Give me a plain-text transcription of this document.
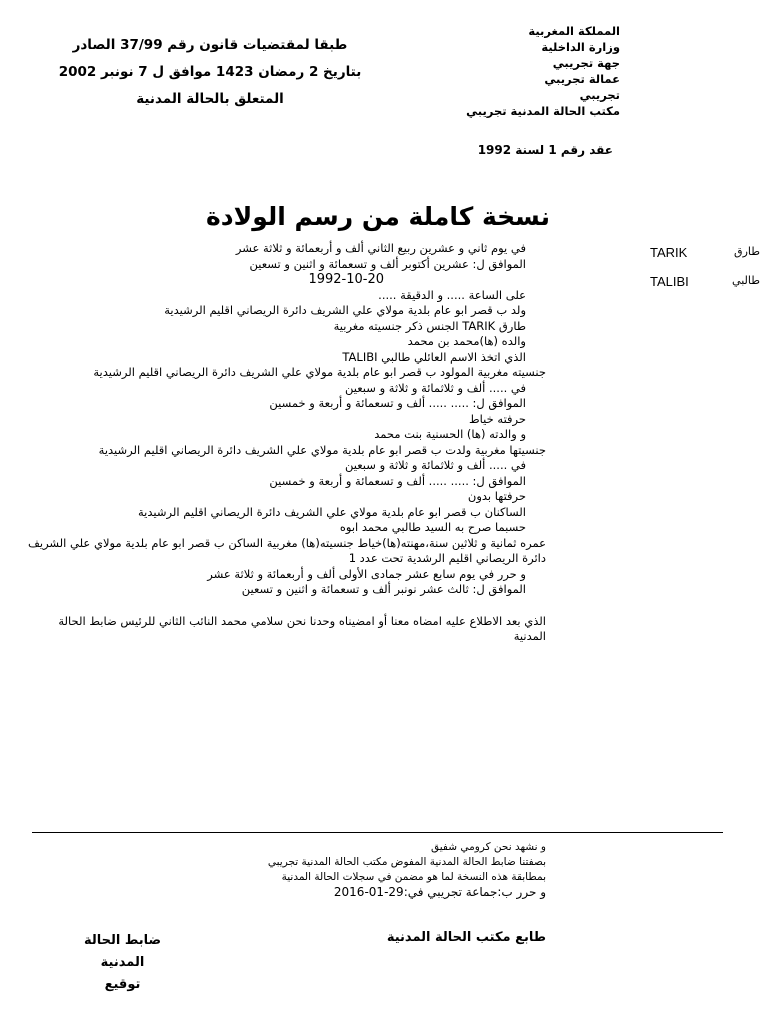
المملكة المغربية
وزارة الداخلية
جهة تجريبي
عمالة تجريبي
تجريبي
مكتب الحالة المدنية تجريبي
طبقا لمقتضيات قانون رقم 37/99 الصادر
بتاريخ 2 رمضان 1423 موافق ل 7 نونبر 2002
المتعلق بالحالة المدنية
عقد رقم 1 لسنة 1992
نسخة كاملة من رسم الولادة
TARIK	طارق
TALIBI	طالبي
في يوم ثاني و عشرين ربيع الثاني ألف و أربعمائة و ثلاثة عشر
الموافق ل: عشرين أكتوبر ألف و تسعمائة و اثنين و تسعين
1992-10-20
على الساعة ..... و الدقيقة .....
ولد ب قصر ابو عام بلدية مولاي علي الشريف دائرة الريصاني اقليم الرشيدية
طارق TARIK الجنس ذكر جنسيته مغربية
والده (ها)محمد بن محمد
الذي اتخذ الاسم العائلي طالبي TALIBI
جنسيته مغربية المولود ب قصر ابو عام بلدية مولاي علي الشريف دائرة الريصاني اقليم الرشيدية
في ..... ألف و ثلاثمائة و ثلاثة و سبعين
الموافق ل: ..... ..... ألف و تسعمائة و أربعة و خمسين
حرفته خياط
و والدته (ها) الحسنية بنت محمد
جنسيتها مغربية ولدت ب قصر ابو عام بلدية مولاي علي الشريف دائرة الريصاني اقليم الرشيدية
في ..... ألف و ثلاثمائة و ثلاثة و سبعين
الموافق ل: ..... ..... ألف و تسعمائة و أربعة و خمسين
حرفتها بدون
الساكنان ب قصر ابو عام بلدية مولاي علي الشريف دائرة الريصاني اقليم الرشيدية
حسبما صرح به السيد طالبي محمد ابوه
عمره ثمانية و ثلاثين سنة،مهنته(ها)خياط جنسيته(ها) مغربية الساكن ب قصر ابو عام بلدية مولاي علي الشريف دائرة الريصاني اقليم الرشدية تحت عدد 1
و حرر في يوم سابع عشر جمادى الأولى ألف و أربعمائة و ثلاثة عشر
الموافق ل: ثالث عشر نونبر ألف و تسعمائة و اثنين و تسعين
الذي بعد الاطلاع عليه امضاه معنا أو امضيناه وحدنا نحن سلامي محمد النائب الثاني للرئيس ضابط الحالة المدنية
و نشهد نحن كرومي شفيق
بصفتنا ضابط الحالة المدنية المفوض مكتب الحالة المدنية تجريبي
بمطابقة هذه النسخة لما هو مضمن في سجلات الحالة المدنية
و حرر ب:جماعة تجريبي في:29-01-2016
طابع مكتب الحالة المدنية
ضابط الحالة المدنية
توقيع
